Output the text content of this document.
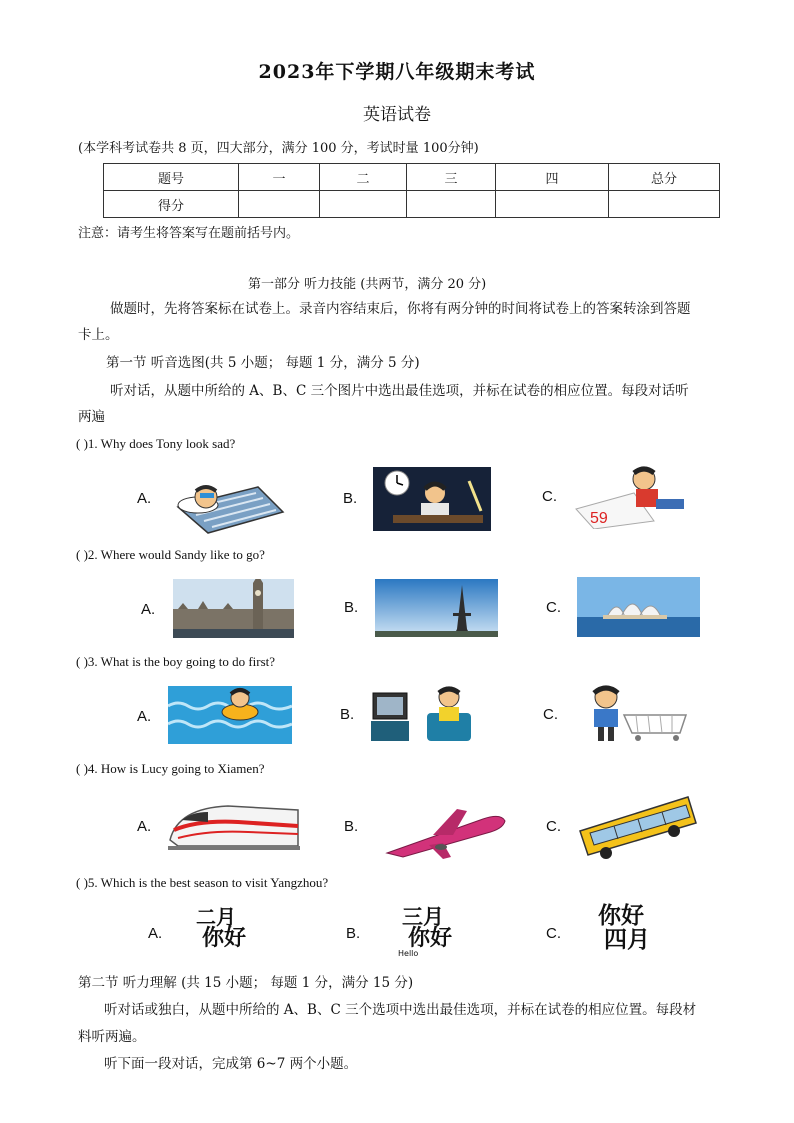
2023年下学期八年级期末考试
英语试卷
(本学科考试卷共 8 页，四大部分，满分 100 分，考试时量 100分钟)
题号	一	二	三	四	总分
得分					
注意：请考生将答案写在题前括号内。
第一部分 听力技能 (共两节，满分 20 分)
做题时，先将答案标在试卷上。录音内容结束后，你将有两分钟的时间将试卷上的答案转涂到答题
卡上。
第一节 听音选图(共 5 小题； 每题 1 分，满分 5 分)
听对话，从题中所给的 A、B、C 三个图片中选出最佳选项，并标在试卷的相应位置。每段对话听
两遍
( )1. Why does Tony look sad?
A.	B.	C.
59
( )2. Where would Sandy like to go?
A.	B.	C.
( )3. What is the boy going to do first?
A.	B.	C.
( )4. How is Lucy going to Xiamen?
A.	B.	C.
( )5. Which is the best season to visit Yangzhou?
A.
二月
你好	B.
三月
你好
Hello
C.
你好
四月
第二节 听力理解 (共 15 小题； 每题 1 分，满分 15 分)
听对话或独白，从题中所给的 A、B、C 三个选项中选出最佳选项，并标在试卷的相应位置。每段材
料听两遍。
听下面一段对话，完成第 6~7 两个小题。
